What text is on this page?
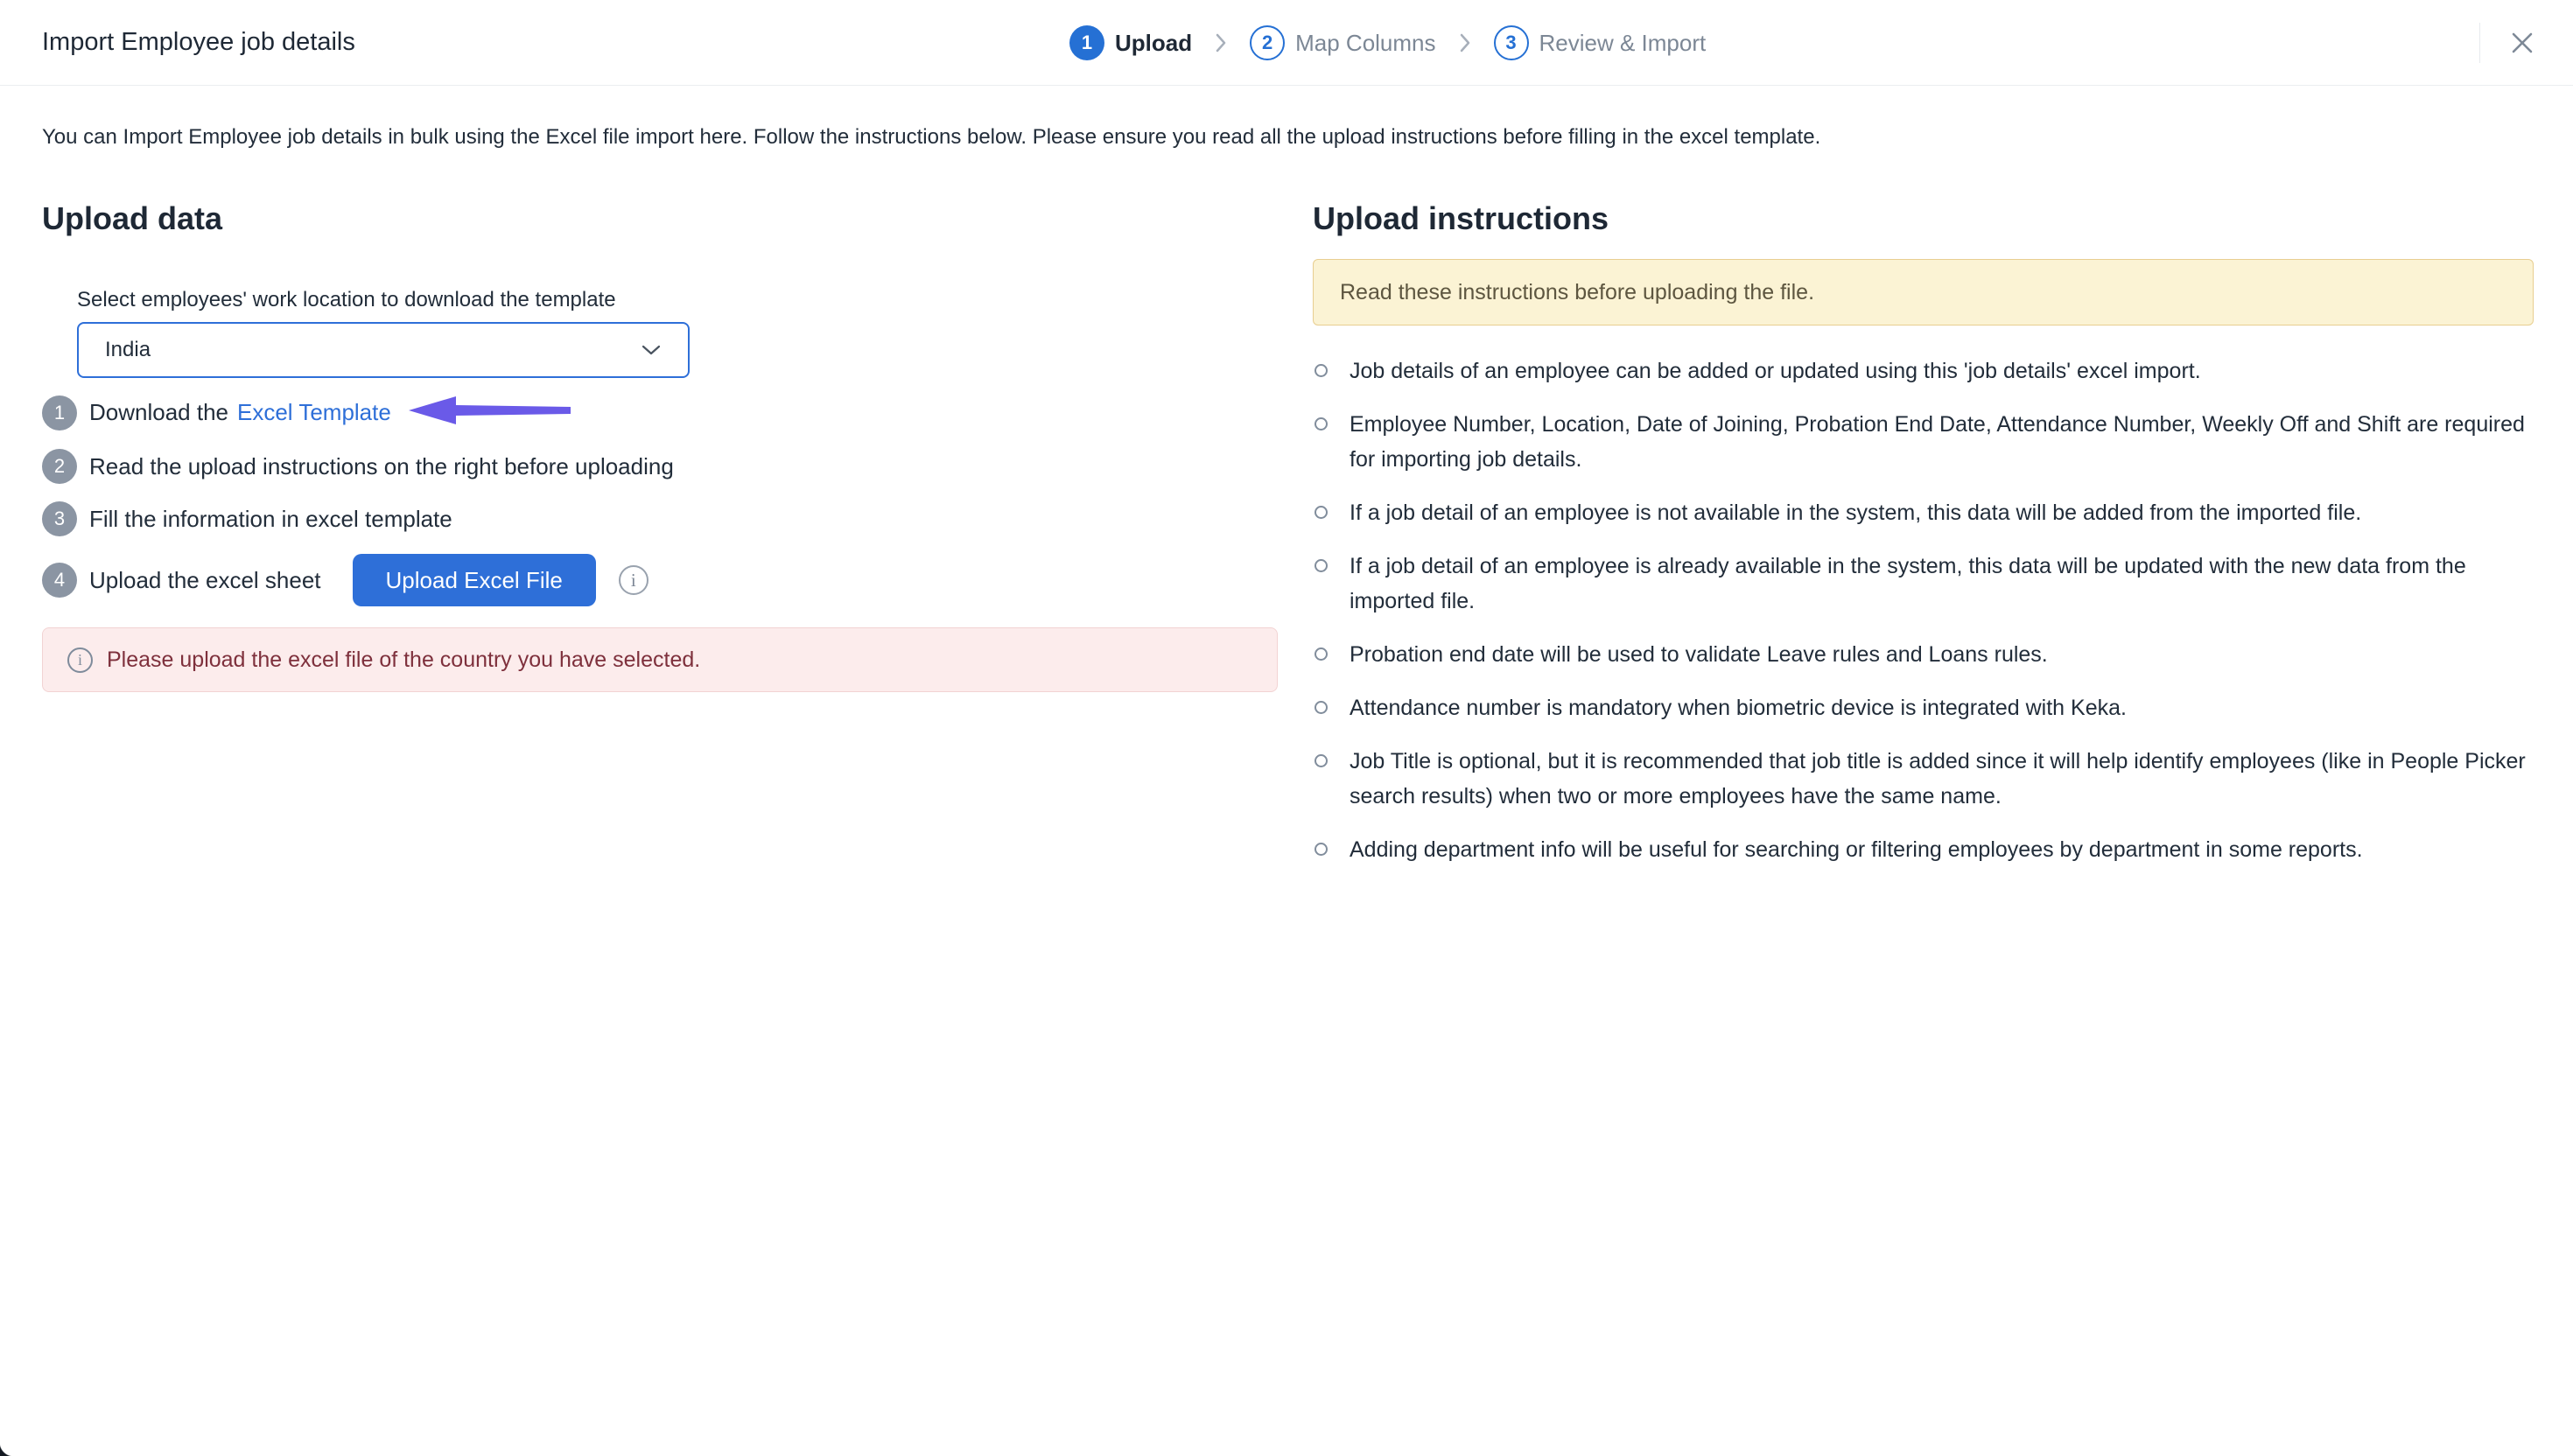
Import Employee job details	1 Upload	2 Map Columns	3 Review & Import
You can Import Employee job details in bulk using the Excel file import here. Follow the instructions below. Please ensure you read all the upload instructions before filling in the excel template.
Upload data
Select employees' work location to download the template
India
1	Download the Excel Template
2	Read the upload instructions on the right before uploading
3	Fill the information in excel template
4	Upload the excel sheet	Upload Excel File	i
i	Please upload the excel file of the country you have selected.
Upload instructions
Read these instructions before uploading the file.
Job details of an employee can be added or updated using this 'job details' excel import.
Employee Number, Location, Date of Joining, Probation End Date, Attendance Number, Weekly Off and Shift are required for importing job details.
If a job detail of an employee is not available in the system, this data will be added from the imported file.
If a job detail of an employee is already available in the system, this data will be updated with the new data from the imported file.
Probation end date will be used to validate Leave rules and Loans rules.
Attendance number is mandatory when biometric device is integrated with Keka.
Job Title is optional, but it is recommended that job title is added since it will help identify employees (like in People Picker search results) when two or more employees have the same name.
Adding department info will be useful for searching or filtering employees by department in some reports.
